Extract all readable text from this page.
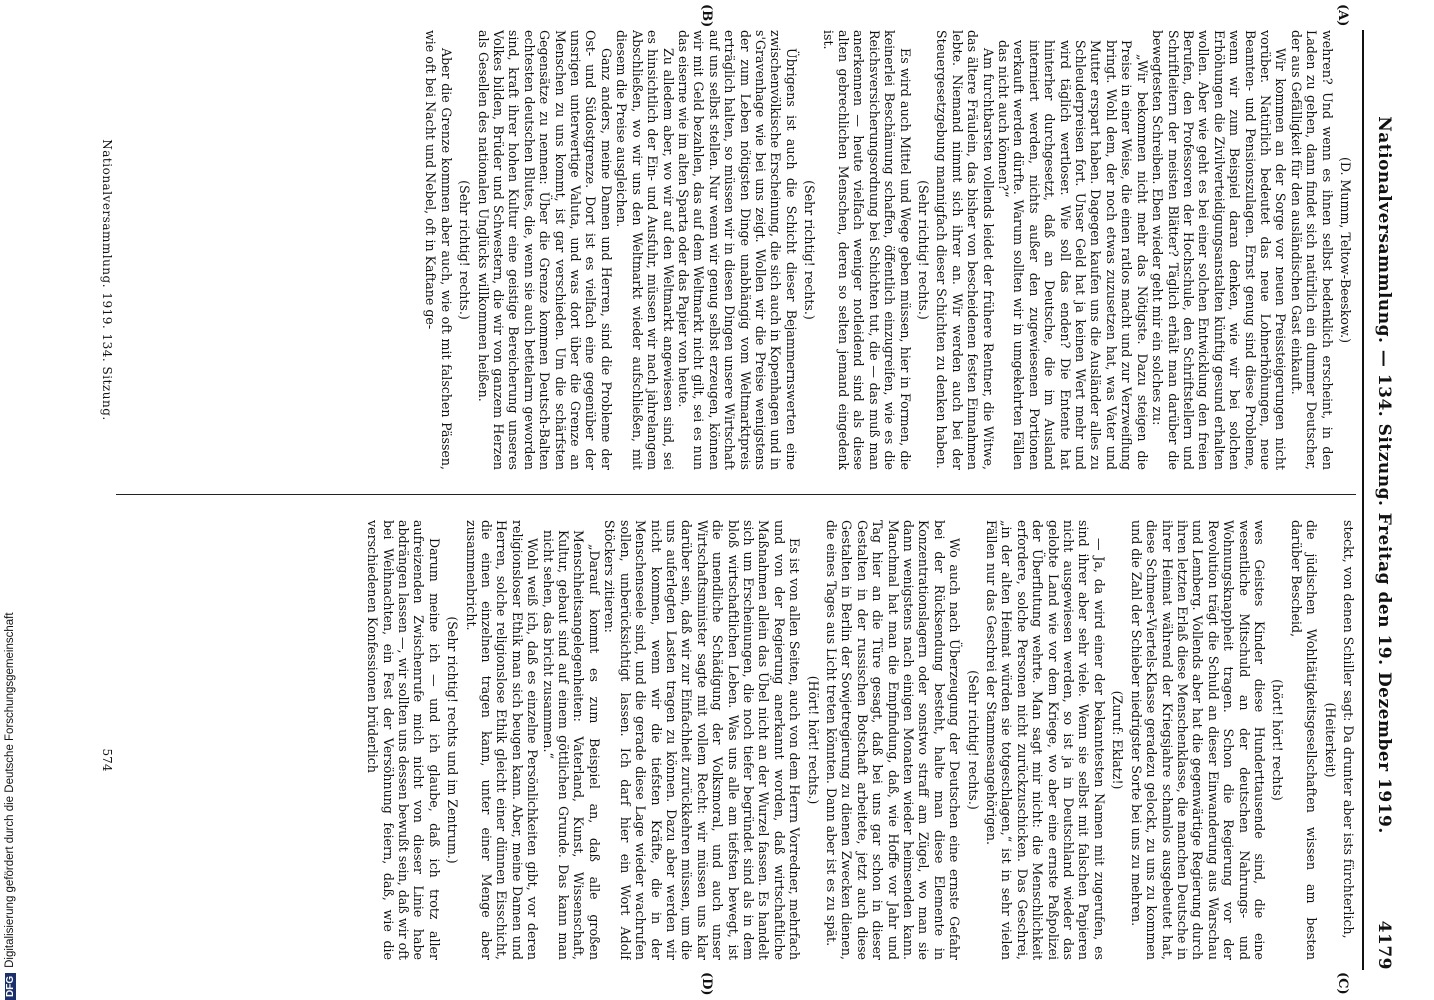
Nationalversammlung. — 134. Sitzung. Freitag den 19. Dezember 1919.
4179
(A)
(B)
(C)
(D)

(D. Mumm, Teltow-Beeskow.)

wehren? Und wenn es ihnen selbst bedenklich erscheint, in den Laden zu gehen, dann findet sich natürlich ein dummer Deutscher, der aus Gefälligkeit für den ausländischen Gast einkauft.

Wir kommen an der Sorge vor neuen Preissteigerungen nicht vorüber. Natürlich bedeutet das neue Lohnerhöhungen, neue Beamten- und Pensionszulagen. Ernst genug sind diese Probleme, wenn wir zum Beispiel daran denken, wie wir bei solchen Erhöhungen die Zivilverteidigungsanstalten künftig gesund erhalten wollen. Aber wie geht es bei einer solchen Entwicklung den freien Berufen, den Professoren der Hochschule, den Schriftstellern und Schriftleitern der meisten Blätter? Täglich erhält man darüber die bewegtesten Schreiben. Eben wieder geht mir ein solches zu:

„Wir bekommen nicht mehr das Nötigste. Dazu steigen die Preise in einer Weise, die einen ratlos macht und zur Verzweiflung bringt. Wohl dem, der noch etwas zuzusetzen hat, was Vater und Mutter erspart haben. Dagegen kaufen uns die Ausländer alles zu Schleuderpreisen fort. Unser Geld hat ja keinen Wert mehr und wird täglich wertloser. Wie soll das enden? Die Entente hat hinterher durchgesetzt, daß an Deutsche, die im Ausland interniert werden, nichts außer den zugewiesenen Portionen verkauft werden dürfte. Warum sollten wir in umgekehrten Fällen das nicht auch können?“

Am furchtbarsten vollends leidet der frühere Rentner, die Witwe, das ältere Fräulein, das bisher von bescheidenen festen Einnahmen lebte. Niemand nimmt sich ihrer an. Wir werden auch bei der Steuergesetzgebung mannigfach dieser Schichten zu denken haben.

(Sehr richtig! rechts.)

Es wird auch Mittel und Wege geben müssen, hier in Formen, die keinerlei Beschämung schaffen, öffentlich einzugreifen, wie es die Reichsversicherungsordnung bei Schichten tut, die — das muß man anerkennen — heute vielfach weniger notleidend sind als diese alten gebrechlichen Menschen, deren so selten jemand eingedenk ist.

(Sehr richtig! rechts.)

Übrigens ist auch die Schicht dieser Bejammernswerten eine zwischenvölkische Erscheinung, die sich auch in Kopenhagen und in s'Gravenhage wie bei uns zeigt. Wollen wir die Preise wenigstens der zum Leben nötigsten Dinge unabhängig vom Weltmarktpreis erträglich halten, so müssen wir in diesen Dingen unsere Wirtschaft auf uns selbst stellen. Nur wenn wir genug selbst erzeugen, können wir mit Geld bezahlen, das auf dem Weltmarkt nicht gilt, sei es nun das eiserne wie im alten Sparta oder das Papier von heute.

Zu alledem aber, wo wir auf den Weltmarkt angewiesen sind, sei es hinsichtlich der Ein- und Ausfuhr, müssen wir nach jahrelangem Abschließen, wo wir uns den Weltmarkt wieder aufschließen, mit diesem die Preise ausgleichen.

Ganz anders, meine Damen und Herren, sind die Probleme der Ost- und Südostgrenze. Dort ist es vielfach eine gegenüber der unsrigen unterwertige Valuta, und was dort über die Grenze an Menschen zu uns kommt, ist gar verschieden. Um die schärfsten Gegensätze zu nennen: Über die Grenze kommen Deutsch-Balten echtesten deutschen Blutes, die, wenn sie auch bettelarm geworden sind, kraft ihrer hohen Kultur eine geistige Bereicherung unseres Volkes bilden, Brüder und Schwestern, die wir von ganzem Herzen als Gesellen des nationalen Unglücks willkommen heißen.

(Sehr richtig! rechts.)

Aber die Grenze kommen aber auch, wie oft mit falschen Pässen, wie oft bei Nacht und Nebel, oft in Kaftane ge-

steckt, von denen Schiller sagt: Da drunter aber ists fürchterlich,

(Heiterkeit)

die jüdischen Wohltätigkeitsgesellschaften wissen am besten darüber Bescheid,

(hört! hört! rechts)

wes Geistes Kinder diese Hunderttausende sind, die eine wesentliche Mitschuld an der deutschen Nahrungs- und Wohnungsknappheit tragen. Schon die Regierung vor der Revolution trägt die Schuld an dieser Einwanderung aus Warschau und Lemberg. Vollends aber hat die gegenwärtige Regierung durch ihren letzten Erlaß diese Menschenklasse, die manchen Deutsche in ihrer Heimat während der Kriegsjahre schamlos ausgebeutet hat, diese Schmeer-Viertels-Klasse geradezu gelockt, zu uns zu kommen und die Zahl der Schieber niedrigster Sorte bei uns zu mehren.

(Zuruf: Eklatz!)

— Ja, da wird einer der bekanntesten Namen mit zugerufen, es sind ihrer aber sehr viele. Wenn sie selbst mit falschen Papieren nicht ausgewiesen werden, so ist ja in Deutschland wieder das gelobte Land wie vor dem Kriege, wo aber eine ernste Paßpolizei der Überflutung wehrte. Man sagt mir nicht: die Menschlichkeit erfordere, solche Personen nicht zurückzuschicken. Das Geschrei, „in der alten Heimat würden sie totgeschlagen,“ ist in sehr vielen Fällen nur das Geschrei der Stammesangehörigen.

(Sehr richtig! rechts.)

Wo auch nach Überzeugung der Deutschen eine ernste Gefahr bei der Rücksendung besteht, halte man diese Elemente in Konzentrationslagern oder sonstwo straff am Zügel, wo man sie dann wenigstens nach einigen Monaten wieder heimsenden kann. Manchmal hat man die Empfindung, daß, wie Hoffe vor Jahr und Tag hier an die Türe gesagt, daß bei uns gar schon in dieser Gestalten in der russischen Botschaft arbeitete, jetzt auch diese Gestalten in Berlin der Sowjetregierung zu dienen Zwecken dienen, die eines Tages aus Licht treten könnten. Dann aber ist es zu spät.

(Hört! hört! rechts.)

Es ist von allen Seiten, auch von dem Herrn Vorredner, mehrfach und von der Regierung anerkannt worden, daß wirtschaftliche Maßnahmen allein das Übel nicht an der Wurzel fassen. Es handelt sich um Erscheinungen, die noch tiefer begründet sind als in dem bloß wirtschaftlichen Leben. Was uns alle am tiefsten bewegt, ist die unendliche Schädigung der Volksmoral, und auch unser Wirtschaftsminister sagte mit vollem Recht: wir müssen uns klar darüber sein, daß wir zur Einfachheit zurückkehren müssen, um die uns auferlegten Lasten tragen zu können. Dazu aber werden wir nicht kommen, wenn wir die tiefsten Kräfte, die in der Menschenseele sind, und die gerade diese Lage wieder wachrufen sollen, unberücksichtigt lassen. Ich darf hier ein Wort Adolf Stöckers zitieren:

„Darauf kommt es zum Beispiel an, daß alle großen Menschheitsangelegenheiten: Vaterland, Kunst, Wissenschaft, Kultur, gebaut sind auf einem göttlichen Grunde. Das kann man nicht sehen, das bricht zusammen.“

Wohl weiß ich, daß es einzelne Persönlichkeiten gibt, vor deren religionsloser Ethik man sich beugen kann. Aber, meine Damen und Herren, solche religionslose Ethik gleicht einer dünnen Eisschicht, die einen einzelnen tragen kann, unter einer Menge aber zusammenbricht.

(Sehr richtig! rechts und im Zentrum.)

Darum meine ich — und ich glaube, daß ich trotz aller aufreizenden Zwischenrufe mich nicht von dieser Linie habe abdrängen lassen —, wir sollten uns dessen bewußt sein, daß wir oft bei Weihnachten, ein Fest der Versöhnung feiern, daß, wie die verschiedenen Konfessionen brüderlich

Nationalversammlung. 1919. 134. Sitzung.
574
DFGDigitalisierung gefördert durch die Deutsche Forschungsgemeinschaft
